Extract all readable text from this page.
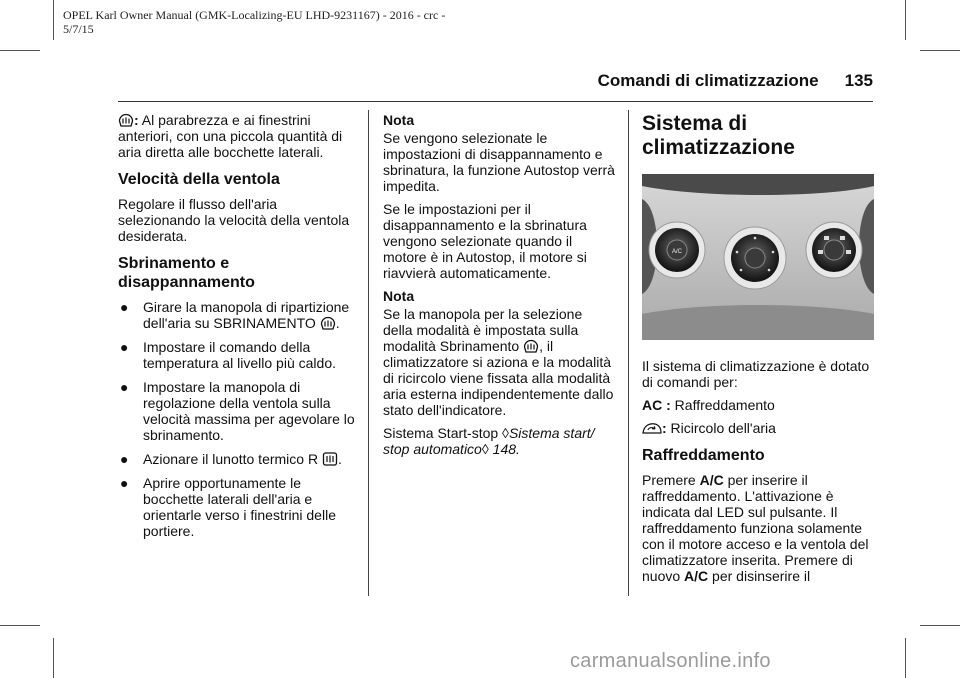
OPEL Karl Owner Manual (GMK-Localizing-EU LHD-9231167) - 2016 - crc -
5/7/15
Comandi di climatizzazione 135

: Al parabrezza e ai finestrini anteriori, con una piccola quantità di aria diretta alle bocchette laterali.

Velocità della ventola

Regolare il flusso dell'aria selezionando la velocità della ventola desiderata.

Sbrinamento e disappannamento
● Girare la manopola di ripartizione dell'aria su SBRINAMENTO .
● Impostare il comando della temperatura al livello più caldo.
● Impostare la manopola di regolazione della ventola sulla velocità massima per agevolare lo sbrinamento.
● Azionare il lunotto termico R .
● Aprire opportunamente le bocchette laterali dell'aria e orientarle verso i finestrini delle portiere.

Nota

Se vengono selezionate le impostazioni di disappannamento e sbrinatura, la funzione Autostop verrà impedita.

Se le impostazioni per il disappannamento e la sbrinatura vengono selezionate quando il motore è in Autostop, il motore si riavvierà automaticamente.

Nota

Se la manopola per la selezione della modalità è impostata sulla modalità Sbrinamento , il climatizzatore si aziona e la modalità di ricircolo viene fissata alla modalità aria esterna indipendentemente dallo stato dell'indicatore.

Sistema Start-stop ◊Sistema start/ stop automatico◊ 148.

Sistema di climatizzazione
A/C

Il sistema di climatizzazione è dotato di comandi per:

AC : Raffreddamento

: Ricircolo dell'aria

Raffreddamento

Premere A/C per inserire il raffreddamento. L'attivazione è indicata dal LED sul pulsante. Il raffreddamento funziona solamente con il motore acceso e la ventola del climatizzatore inserita. Premere di nuovo A/C per disinserire il

carmanualsonline.info
